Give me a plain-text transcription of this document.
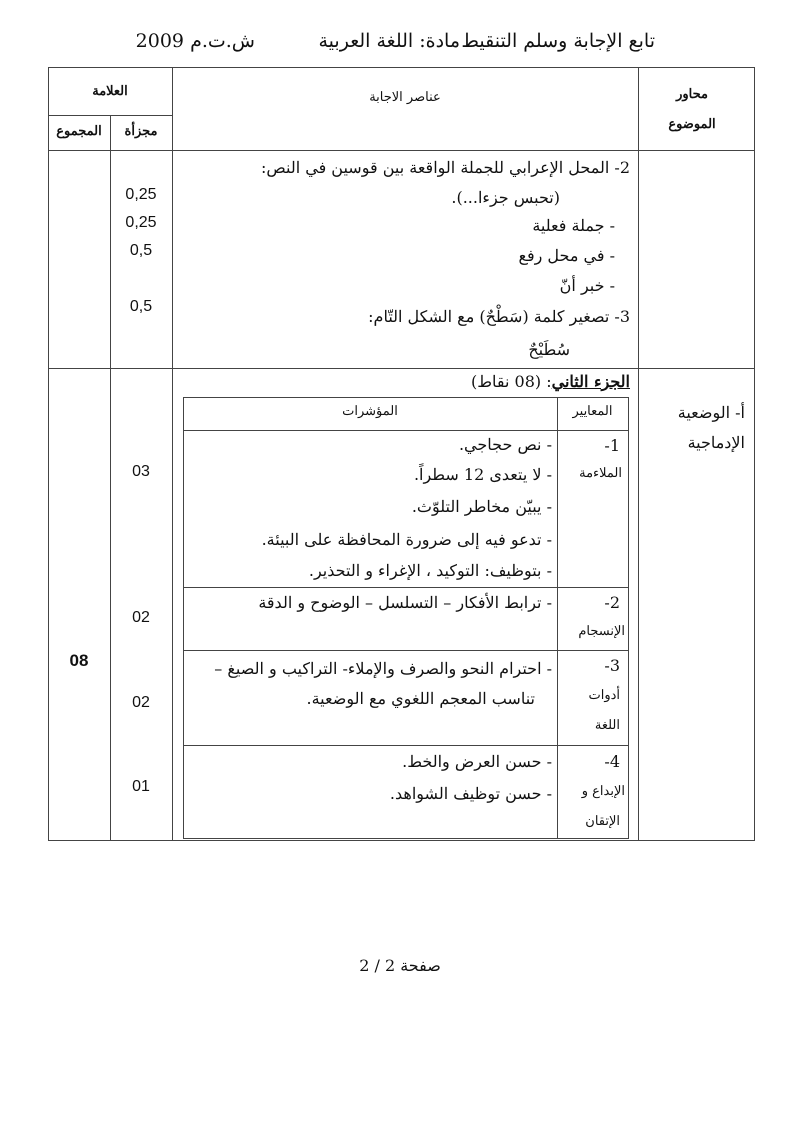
تابع الإجابة وسلم التنقيط
مادة: اللغة العربية
ش.ت.م 2009
العلامة
المجموع	مجزأة
عناصر الاجابة	محاور الموضوع
2- المحل الإعرابي للجملة الواقعة بين قوسين في النص:
(تحبس جزءا...).
- جملة فعلية
- في محل رفع
- خبر أنّ
3- تصغير كلمة (سَطْحٌ) مع الشكل التّام:
سُطَيْحٌ
0,25
0,25
0,5
0,5
أ- الوضعية الإدماجية
الجزء الثاني: (08 نقاط)
08
المعايير
المؤشرات
1-
الملاءمة
- نص حجاجي.
- لا يتعدى 12 سطراً.
- يبيّن مخاطر التلوّث.
- تدعو فيه إلى ضرورة المحافظة على البيئة.
- بتوظيف: التوكيد ، الإغراء و التحذير.
03
2-
الإنسجام
- ترابط الأفكار – التسلسل – الوضوح و الدقة
02
3-
أدوات
اللغة
- احترام النحو والصرف والإملاء- التراكيب و الصيغ –
تناسب المعجم اللغوي مع الوضعية.
02
4-
الإبداع و
الإتقان
- حسن العرض والخط.
- حسن توظيف الشواهد.
01
صفحة 2 / 2
